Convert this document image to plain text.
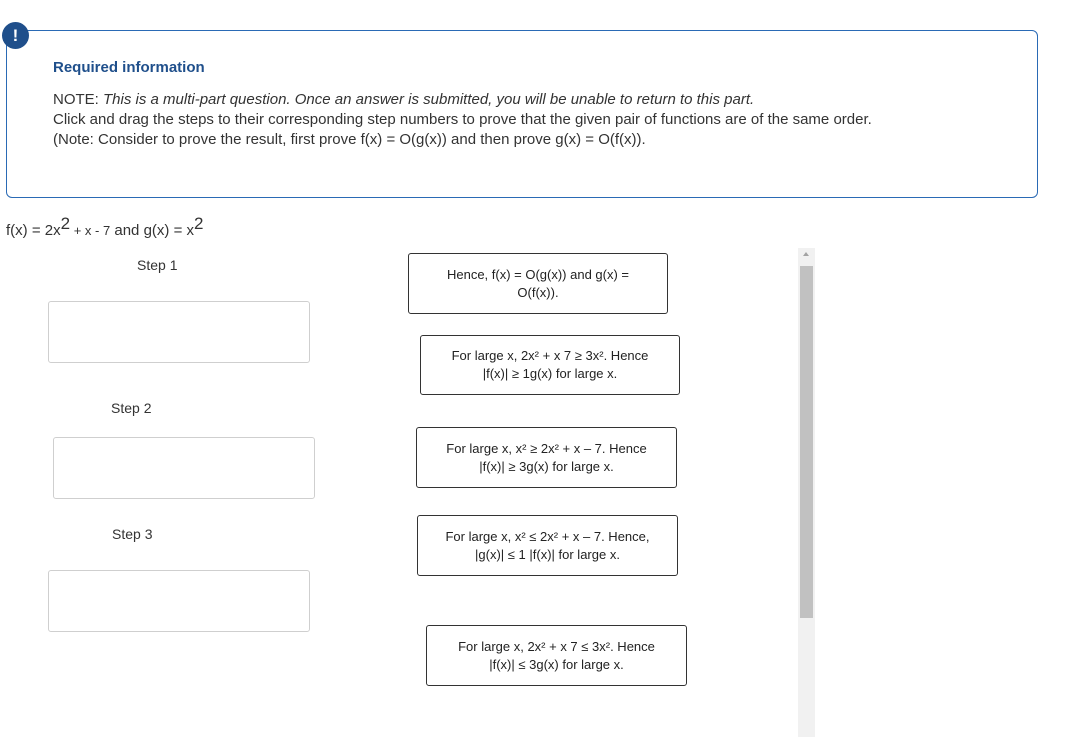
Required information

NOTE: This is a multi-part question. Once an answer is submitted, you will be unable to return to this part.

Click and drag the steps to their corresponding step numbers to prove that the given pair of functions are of the same order.

(Note: Consider to prove the result, first prove f(x) = O(g(x)) and then prove g(x) = O(f(x)).

!
$f(x) = 2x^2 + x - 7$ and $g(x) = x^2$
Step 1
Step 2
Step 3
Hence, f(x) = O(g(x)) and g(x) =
O(f(x)).
For large x, 2x² + x 7 ≥ 3x². Hence
|f(x)| ≥ 1g(x) for large x.
For large x, x² ≥ 2x² + x – 7. Hence
|f(x)| ≥ 3g(x) for large x.
For large x, x² ≤ 2x² + x – 7. Hence,
|g(x)| ≤ 1 |f(x)| for large x.
For large x, 2x² + x 7 ≤ 3x². Hence
|f(x)| ≤ 3g(x) for large x.
